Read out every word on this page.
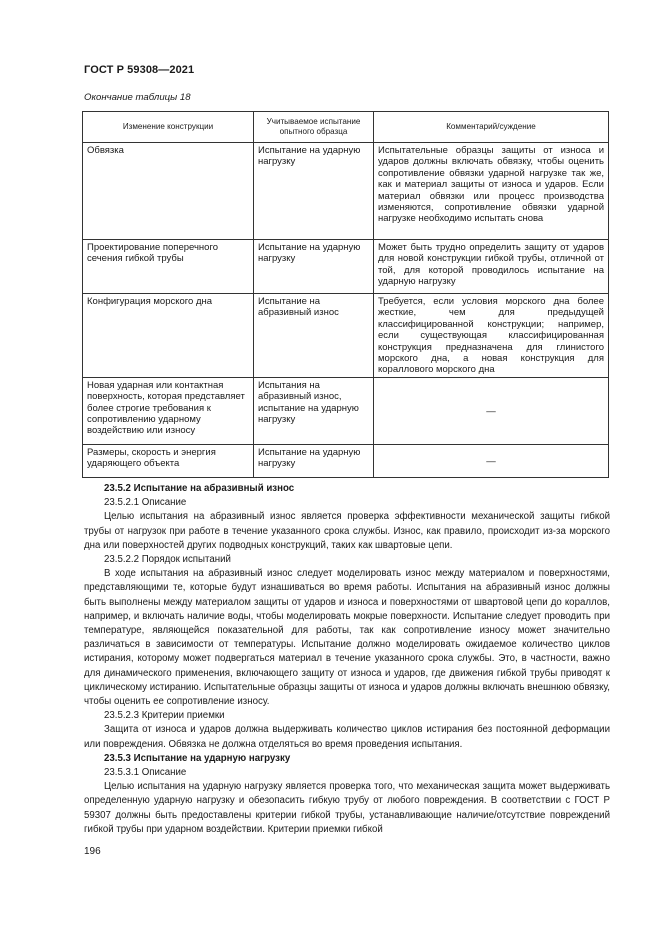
ГОСТ Р 59308—2021
Окончание таблицы 18
Изменение конструкции	Учитываемое испытание опытного образца	Комментарий/суждение
Обвязка	Испытание на ударную нагрузку	Испытательные образцы защиты от износа и ударов должны включать обвязку, чтобы оценить сопротивление обвязки ударной нагрузке так же, как и материал защиты от износа и ударов. Если материал обвязки или процесс производства изменяются, сопротивление обвязки ударной нагрузке необходимо испытать снова
Проектирование поперечного сечения гибкой трубы	Испытание на ударную нагрузку	Может быть трудно определить защиту от ударов для новой конструкции гибкой трубы, отличной от той, для которой проводилось испытание на ударную нагрузку
Конфигурация морского дна	Испытание на абразивный износ	Требуется, если условия морского дна более жесткие, чем для предыдущей классифицированной конструкции; например, если существующая классифицированная конструкция предназначена для глинистого морского дна, а новая конструкция для кораллового морского дна
Новая ударная или контактная поверхность, которая представляет более строгие требования к сопротивлению ударному воздействию или износу	Испытания на абразивный износ, испытание на ударную нагрузку	—
Размеры, скорость и энергия ударяющего объекта	Испытание на ударную нагрузку	—

23.5.2 Испытание на абразивный износ

23.5.2.1 Описание

Целью испытания на абразивный износ является проверка эффективности механической защиты гибкой трубы от нагрузок при работе в течение указанного срока службы. Износ, как правило, происходит из-за морского дна или поверхностей других подводных конструкций, таких как швартовые цепи.

23.5.2.2 Порядок испытаний

В ходе испытания на абразивный износ следует моделировать износ между материалом и поверхностями, представляющими те, которые будут изнашиваться во время работы. Испытания на абразивный износ должны быть выполнены между материалом защиты от ударов и износа и поверхностями от швартовой цепи до кораллов, например, и включать наличие воды, чтобы моделировать мокрые поверхности. Испытание следует проводить при температуре, являющейся показательной для работы, так как сопротивление износу может значительно различаться в зависимости от температуры. Испытание должно моделировать ожидаемое количество циклов истирания, которому может подвергаться материал в течение указанного срока службы. Это, в частности, важно для динамического применения, включающего защиту от износа и ударов, где движения гибкой трубы приводят к циклическому истиранию. Испытательные образцы защиты от износа и ударов должны включать внешнюю обвязку, чтобы оценить ее сопротивление износу.

23.5.2.3 Критерии приемки

Защита от износа и ударов должна выдерживать количество циклов истирания без постоянной деформации или повреждения. Обвязка не должна отделяться во время проведения испытания.

23.5.3 Испытание на ударную нагрузку

23.5.3.1 Описание

Целью испытания на ударную нагрузку является проверка того, что механическая защита может выдерживать определенную ударную нагрузку и обезопасить гибкую трубу от любого повреждения. В соответствии с ГОСТ Р 59307 должны быть предоставлены критерии гибкой трубы, устанавливающие наличие/отсутствие повреждений гибкой трубы при ударном воздействии. Критерии приемки гибкой

196
